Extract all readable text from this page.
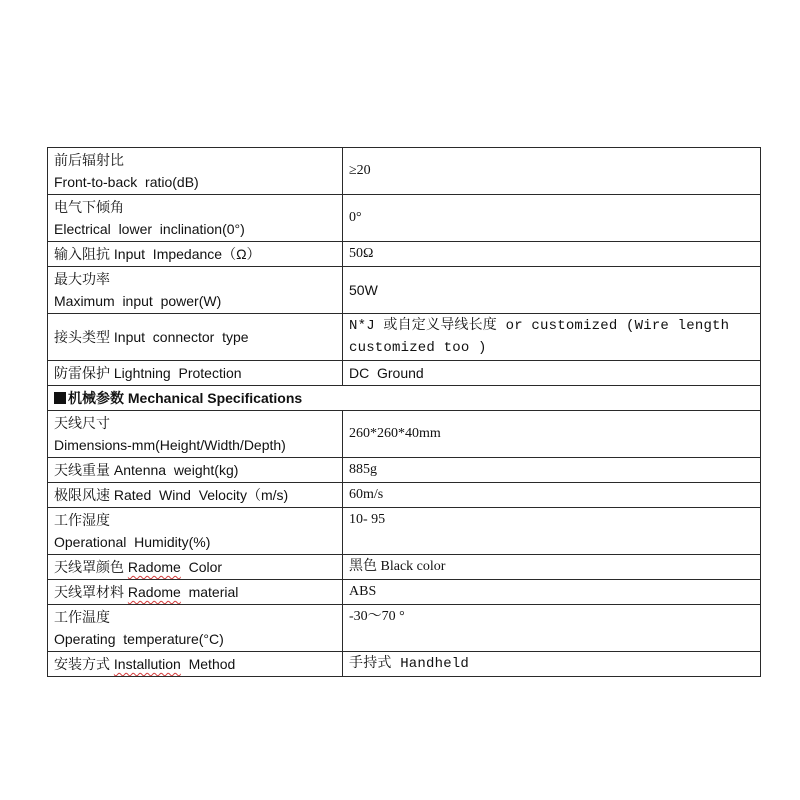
前后辐射比
Front-to-back  ratio(dB)	≥20

电气下倾角
Electrical  lower  inclination(0°)	0°
输入阻抗 Input  Impedance（Ω）	50Ω

最大功率
Maximum  input  power(W)	50W
接头类型 Input  connector  type	N*J 或自定义导线长度 or customized (Wire length
customized too )

防雷保护 Lightning  Protection	DC  Ground
机械参数 Mechanical Specifications	

天线尺寸
Dimensions-mm(Height/Width/Depth)	260*260*40mm
天线重量 Antenna  weight(kg)	885g
极限风速 Rated  Wind  Velocity（m/s)	60m/s

工作湿度
Operational  Humidity(%)	10- 95
天线罩颜色 Radome  Color	黑色 Black color
天线罩材料 Radome  material	ABS

工作温度
Operating  temperature(°C)	-30～70 °
安装方式 Installution  Method	手持式 Handheld
